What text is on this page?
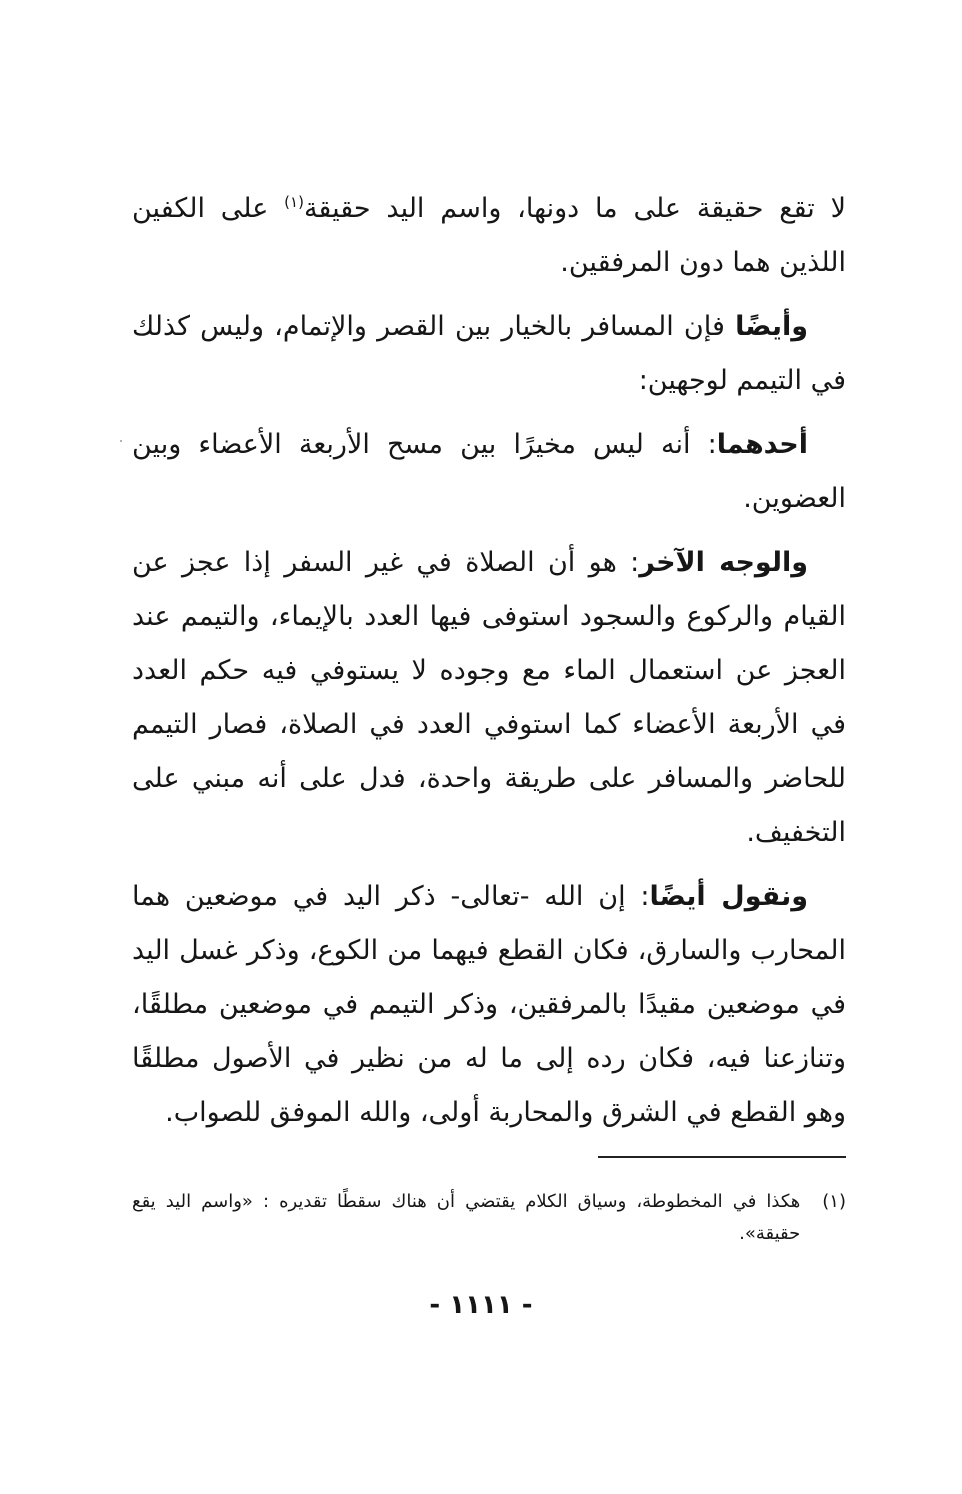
لا تقع حقيقة على ما دونها، واسم اليد حقيقة$^{(١)}$ على الكفين اللذين هما دون المرفقين.

وأيضًا فإن المسافر بالخيار بين القصر والإتمام، وليس كذلك في التيمم لوجهين:

أحدهما: أنه ليس مخيرًا بين مسح الأربعة الأعضاء وبين العضوين.

والوجه الآخر: هو أن الصلاة في غير السفر إذا عجز عن القيام والركوع والسجود استوفى فيها العدد بالإيماء، والتيمم عند العجز عن استعمال الماء مع وجوده لا يستوفي فيه حكم العدد في الأربعة الأعضاء كما استوفي العدد في الصلاة، فصار التيمم للحاضر والمسافر على طريقة واحدة، فدل على أنه مبني على التخفيف.

ونقول أيضًا: إن الله -تعالى- ذكر اليد في موضعين هما المحارب والسارق، فكان القطع فيهما من الكوع، وذكر غسل اليد في موضعين مقيدًا بالمرفقين، وذكر التيمم في موضعين مطلقًا، وتنازعنا فيه، فكان رده إلى ما له من نظير في الأصول مطلقًا وهو القطع في الشرق والمحاربة أولى، والله الموفق للصواب.

(١)
هكذا في المخطوطة، وسياق الكلام يقتضي أن هناك سقطًا تقديره : «واسم اليد يقع حقيقة».
- ١١١١ -
